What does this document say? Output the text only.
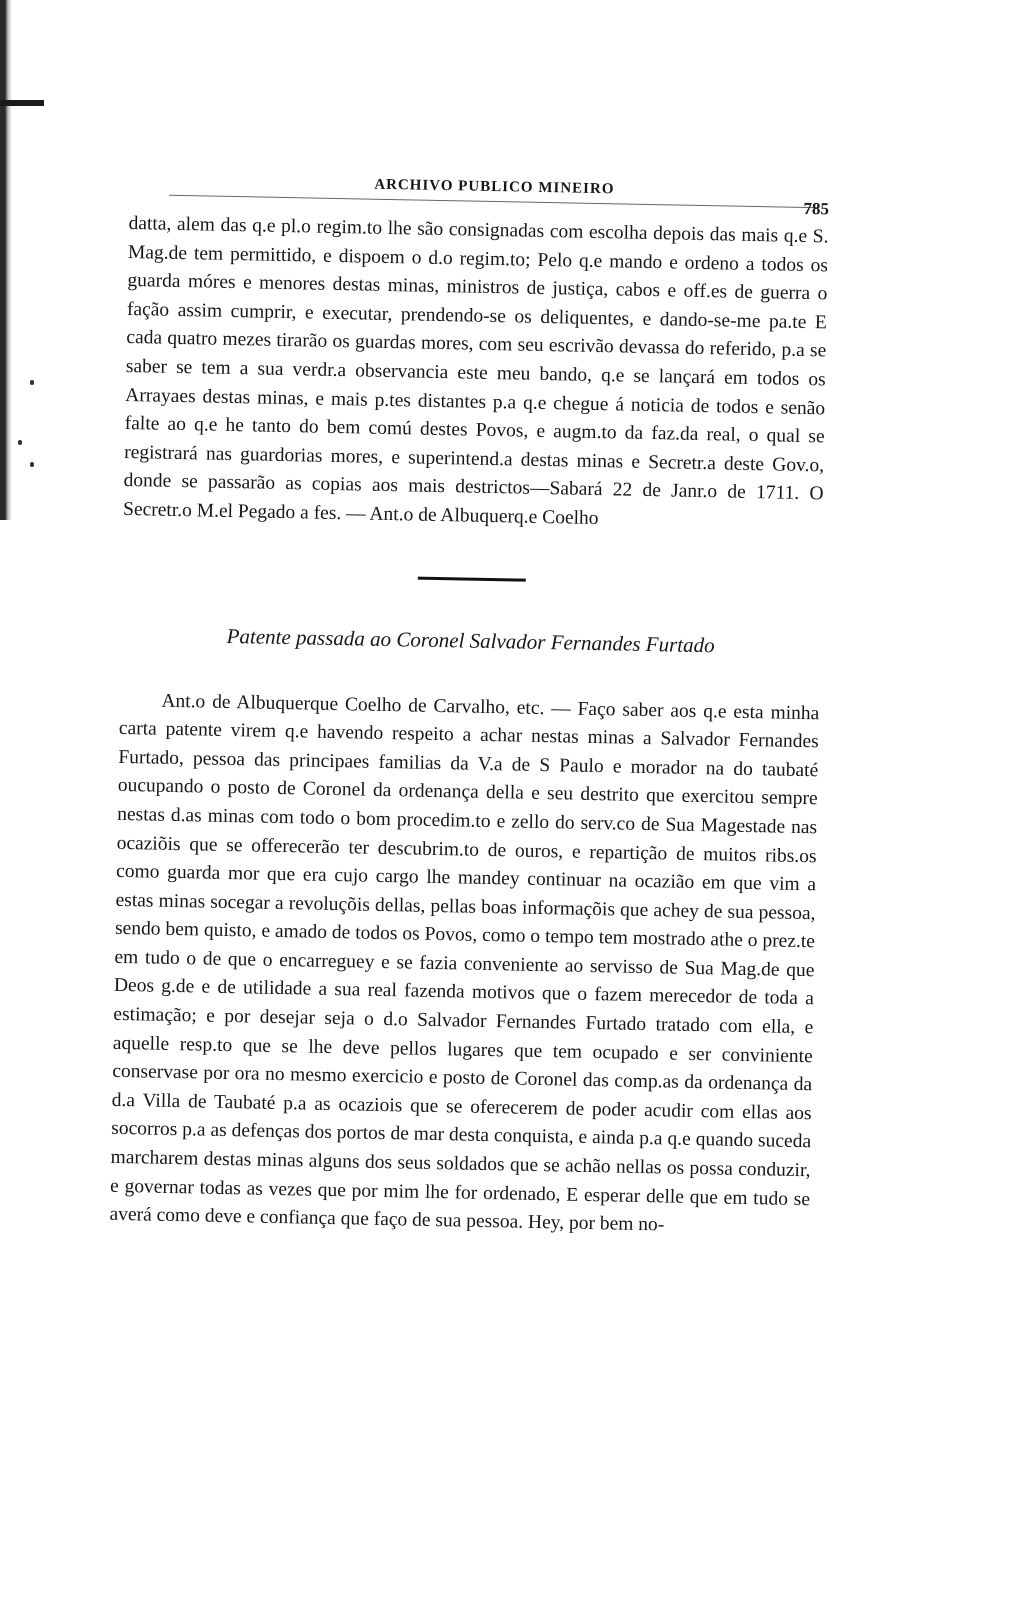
ARCHIVO PUBLICO MINEIRO
785

datta, alem das q.e pl.o regim.to lhe são consignadas com escolha depois das mais q.e S. Mag.de tem permittido, e dispoem o d.o regim.to; Pelo q.e mando e ordeno a todos os guarda móres e menores destas minas, ministros de justiça, cabos e off.es de guerra o fação assim cumprir, e executar, prendendo-se os deliquentes, e dando-se-me pa.te E cada quatro mezes tirarão os guardas mores, com seu escrivão devassa do referido, p.a se saber se tem a sua verdr.a observancia este meu bando, q.e se lançará em todos os Arrayaes destas minas, e mais p.tes distantes p.a q.e chegue á noticia de todos e senão falte ao q.e he tanto do bem comú destes Povos, e augm.to da faz.da real, o qual se registrará nas guardorias mores, e superintend.a destas minas e Secretr.a deste Gov.o, donde se passarão as copias aos mais destrictos—Sabará 22 de Janr.o de 1711. O Secretr.o M.el Pegado a fes. — Ant.o de Albuquerq.e Coelho

Patente passada ao Coronel Salvador Fernandes Furtado

Ant.o de Albuquerque Coelho de Carvalho, etc. — Faço saber aos q.e esta minha carta patente virem q.e havendo respeito a achar nestas minas a Salvador Fernandes Furtado, pessoa das principaes familias da V.a de S Paulo e morador na do taubaté oucupando o posto de Coronel da ordenança della e seu destrito que exercitou sempre nestas d.as minas com todo o bom procedim.to e zello do serv.co de Sua Magestade nas ocaziõis que se offerecerão ter descubrim.to de ouros, e repartição de muitos ribs.os como guarda mor que era cujo cargo lhe mandey continuar na ocazião em que vim a estas minas socegar a revoluçõis dellas, pellas boas informaçõis que achey de sua pessoa, sendo bem quisto, e amado de todos os Povos, como o tempo tem mostrado athe o prez.te em tudo o de que o encarreguey e se fazia conveniente ao servisso de Sua Mag.de que Deos g.de e de utilidade a sua real fazenda motivos que o fazem merecedor de toda a estimação; e por desejar seja o d.o Salvador Fernandes Furtado tratado com ella, e aquelle resp.to que se lhe deve pellos lugares que tem ocupado e ser conviniente conservase por ora no mesmo exercicio e posto de Coronel das comp.as da ordenança da d.a Villa de Taubaté p.a as ocaziois que se oferecerem de poder acudir com ellas aos socorros p.a as defenças dos portos de mar desta conquista, e ainda p.a q.e quando suceda marcharem destas minas alguns dos seus soldados que se achão nellas os possa conduzir, e governar todas as vezes que por mim lhe for ordenado, E esperar delle que em tudo se averá como deve e confiança que faço de sua pessoa. Hey, por bem no-
